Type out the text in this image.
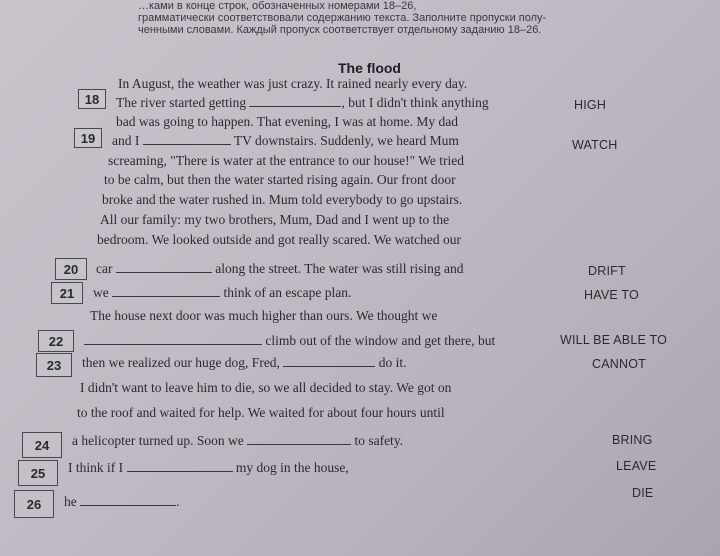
…ками в конце строк, обозначенных номерами 18–26,
грамматически соответствовали содержанию текста. Заполните пропуски полу-
ченными словами. Каждый пропуск соответствует отдельному заданию 18–26.
The flood
In August, the weather was just crazy. It rained nearly every day.
The river started getting	, but I didn't think anything
bad was going to happen. That evening, I was at home. My dad
and I	TV downstairs. Suddenly, we heard Mum
screaming, "There is water at the entrance to our house!" We tried
to be calm, but then the water started rising again. Our front door
broke and the water rushed in. Mum told everybody to go upstairs.
All our family: my two brothers, Mum, Dad and I went up to the
bedroom. We looked outside and got really scared. We watched our
car	along the street. The water was still rising and
we	think of an escape plan.
The house next door was much higher than ours. We thought we
climb out of the window and get there, but
then we realized our huge dog, Fred,	do it.
I didn't want to leave him to die, so we all decided to stay. We got on
to the roof and waited for help. We waited for about four hours until
a helicopter turned up. Soon we	to safety.
I think if I	my dog in the house,
he	.
18
19
20
21
22
23
24
25
26
HIGH
WATCH
DRIFT
HAVE TO
WILL BE ABLE TO
CANNOT
BRING
LEAVE
DIE
